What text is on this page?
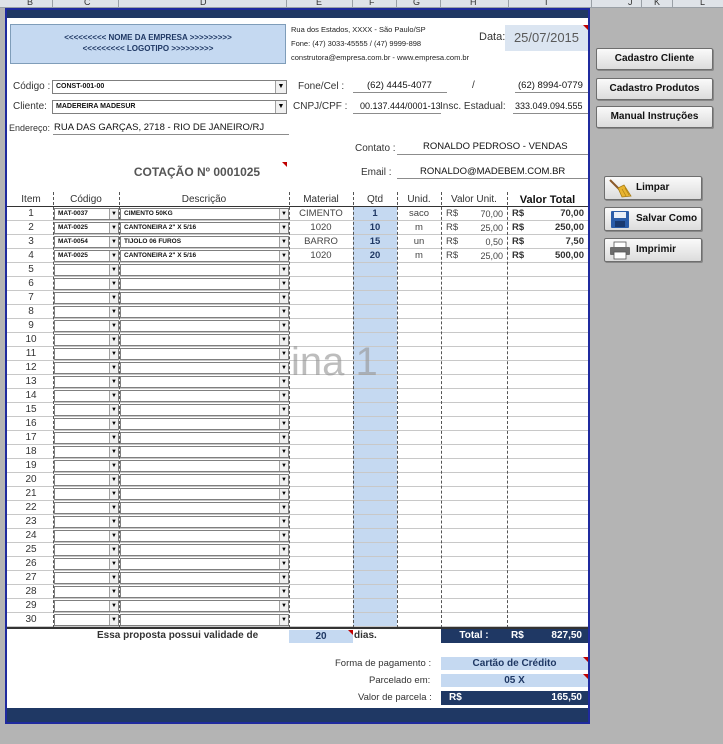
B	C	D	E	F	G	H	I	J K	L
<<<<<<<<< NOME DA EMPRESA >>>>>>>>>
<<<<<<<<< LOGOTIPO >>>>>>>>>
Rua dos Estados, XXXX - São Paulo/SP
Fone: (47) 3033-45555 / (47) 9999-898
construtora@empresa.com.br - www.empresa.com.br
Data: 25/07/2015
Código : CONST-001-00	▼
Cliente:	MADEREIRA MADESUR	▼
Endereço: RUA DAS GARÇAS, 2718 - RIO DE JANEIRO/RJ
Fone/Cel : (62) 4445-4077	/	(62) 8994-0779
CNPJ/CPF : 00.137.444/0001-13 Insc. Estadual: 333.049.094.555
Contato :	RONALDO PEDROSO - VENDAS
Email :	RONALDO@MADEBEM.COM.BR
COTAÇÃO Nº 0001025
Item	Código	Descrição	Material	Qtd	Unid.	Valor Unit.	Valor Total
1	MAT-0037	▼ CIMENTO 50KG	▼	CIMENTO	1	saco	R$	70,00 R$	70,00
2	MAT-0025	▼ CANTONEIRA 2" X 5/16	▼	1020	10	m	R$	25,00 R$	250,00
3	MAT-0054	▼ TIJOLO 06 FUROS	▼	BARRO	15	un	R$	0,50 R$	7,50
4	MAT-0025	▼ CANTONEIRA 2" X 5/16	▼	1020	20	m	R$	25,00 R$	500,00
5	▼	▼
6	▼	▼
7	▼	▼
8	▼	▼
9	▼	▼
10	▼	▼
11	▼	▼
12	▼	▼
13	▼	▼
14	▼	▼
15	▼	▼
16	▼	▼
17	▼	▼
18	▼	▼
19	▼	▼
20	▼	▼
21	▼	▼
22	▼	▼
23	▼	▼
24	▼	▼
25	▼	▼
26	▼	▼
27	▼	▼
28	▼	▼
29	▼	▼
30	▼	▼
ina 1
Essa proposta possui validade de	20	dias.	Total :	R$	827,50
Forma de pagamento :	Cartão de Crédito
Parcelado em:	05 X
Valor de parcela :	R$	165,50
Cadastro Cliente
Cadastro Produtos
Manual Instruções
Limpar
Salvar Como
Imprimir
